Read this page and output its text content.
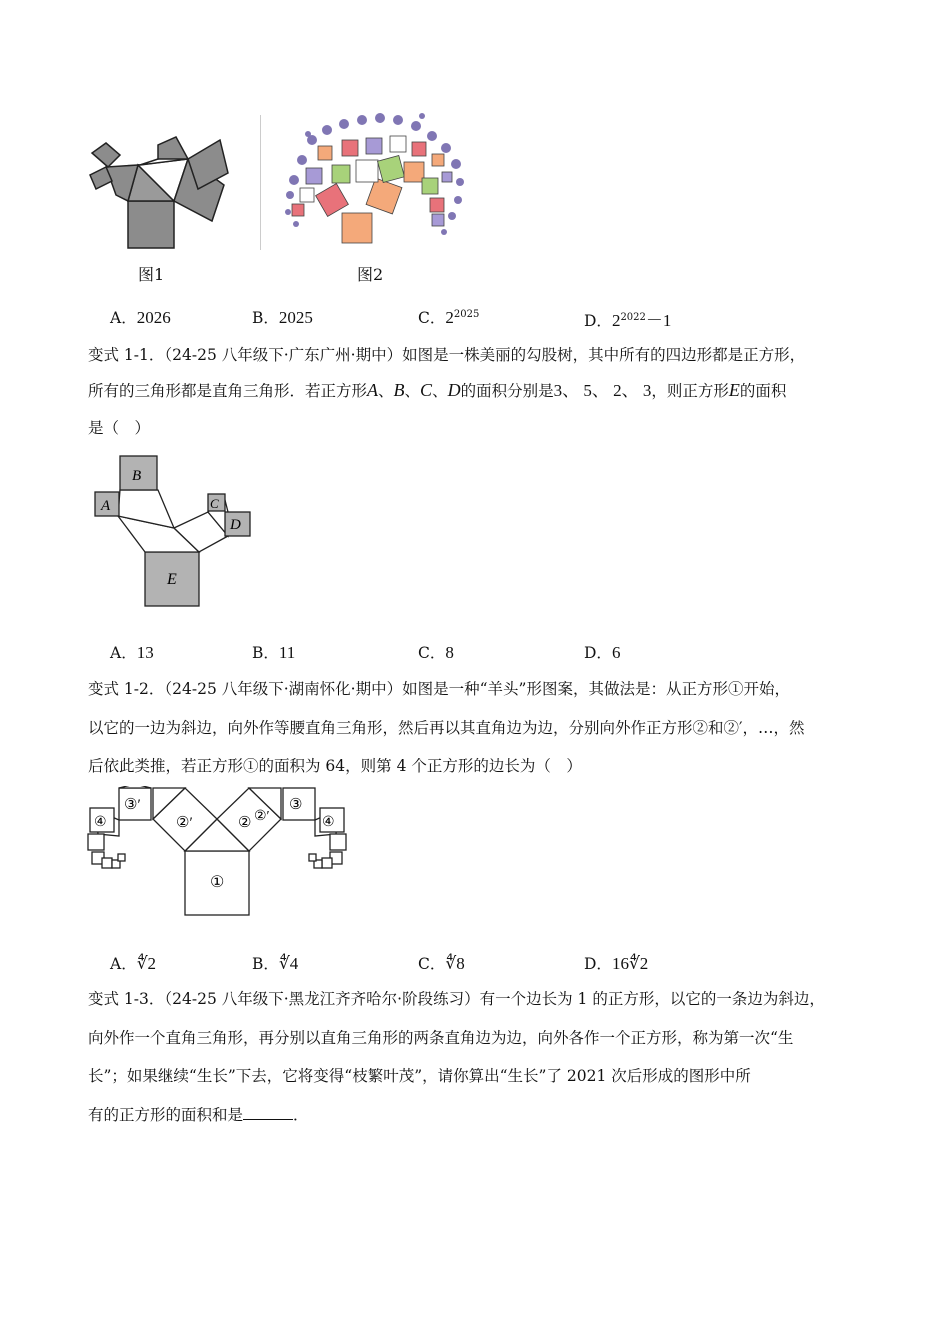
图1	图2
A．2026	B．2025	C．$2^{2025}$	D．$2^{2022}-1$
变式 1-1．（24-25 八年级下·广东广州·期中）如图是一株美丽的勾股树，其中所有的四边形都是正方形，
所有的三角形都是直角三角形．若正方形A、B、C、D的面积分别是3、 5、 2、 3，则正方形E的面积
是（　）
B
A	C
D
E
A．13	B．11	C．8	D．6
变式 1-2．（24-25 八年级下·湖南怀化·期中）如图是一种“羊头”形图案，其做法是：从正方形①开始，
以它的一边为斜边，向外作等腰直角三角形，然后再以其直角边为边，分别向外作正方形②和②′，…，然
后依此类推，若正方形①的面积为 64，则第 4 个正方形的边长为（　）
①
②′	② ②′
③′	③
④	④
A．∜2	B．∜4	C．∜8	D．16∜2
变式 1-3．（24-25 八年级下·黑龙江齐齐哈尔·阶段练习）有一个边长为 1 的正方形，以它的一条边为斜边，
向外作一个直角三角形，再分别以直角三角形的两条直角边为边，向外各作一个正方形，称为第一次“生
长”；如果继续“生长”下去，它将变得“枝繁叶茂”，请你算出“生长”了 2021 次后形成的图形中所
有的正方形的面积和是	．
